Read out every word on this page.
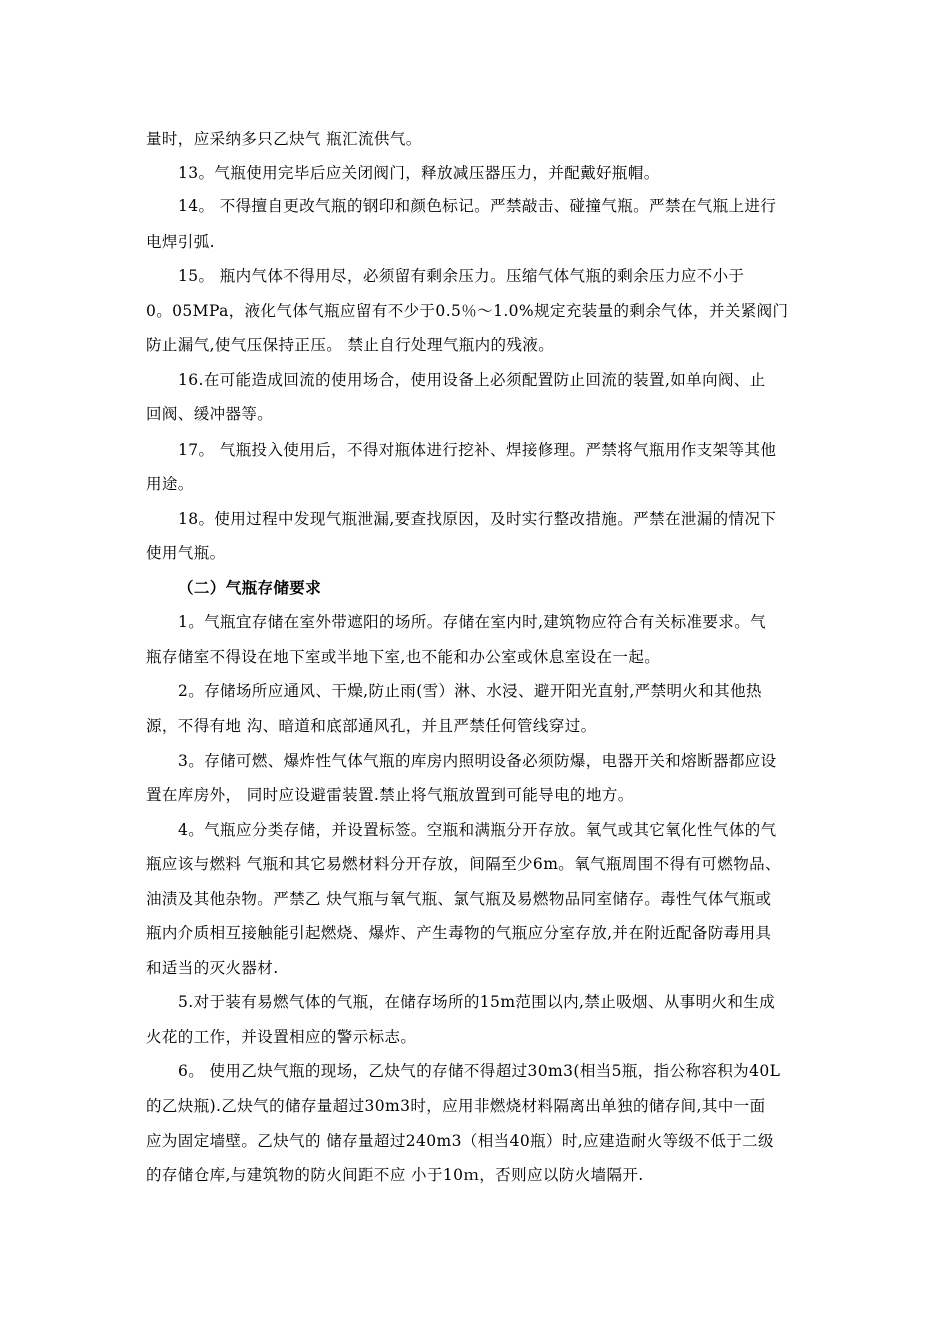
量时，应采纳多只乙炔气 瓶汇流供气。
13。气瓶使用完毕后应关闭阀门，释放减压器压力，并配戴好瓶帽。
14。 不得擅自更改气瓶的钢印和颜色标记。严禁敲击、碰撞气瓶。严禁在气瓶上进行
电焊引弧.
15。 瓶内气体不得用尽，必须留有剩余压力。压缩气体气瓶的剩余压力应不小于
0。05MPa，液化气体气瓶应留有不少于0.5％～1.0%规定充装量的剩余气体，并关紧阀门
防止漏气,使气压保持正压。 禁止自行处理气瓶内的残液。
16.在可能造成回流的使用场合，使用设备上必须配置防止回流的装置,如单向阀、止
回阀、缓冲器等。
17。 气瓶投入使用后，不得对瓶体进行挖补、焊接修理。严禁将气瓶用作支架等其他
用途。
18。使用过程中发现气瓶泄漏,要查找原因，及时实行整改措施。严禁在泄漏的情况下
使用气瓶。
（二）气瓶存储要求
1。气瓶宜存储在室外带遮阳的场所。存储在室内时,建筑物应符合有关标准要求。气
瓶存储室不得设在地下室或半地下室,也不能和办公室或休息室设在一起。
2。存储场所应通风、干燥,防止雨(雪）淋、水浸、避开阳光直射,严禁明火和其他热
源，不得有地 沟、暗道和底部通风孔，并且严禁任何管线穿过。
3。存储可燃、爆炸性气体气瓶的库房内照明设备必须防爆，电器开关和熔断器都应设
置在库房外， 同时应设避雷装置.禁止将气瓶放置到可能导电的地方。
4。气瓶应分类存储，并设置标签。空瓶和满瓶分开存放。氧气或其它氧化性气体的气
瓶应该与燃料 气瓶和其它易燃材料分开存放，间隔至少6m。氧气瓶周围不得有可燃物品、
油渍及其他杂物。严禁乙 炔气瓶与氧气瓶、氯气瓶及易燃物品同室储存。毒性气体气瓶或
瓶内介质相互接触能引起燃烧、爆炸、产生毒物的气瓶应分室存放,并在附近配备防毒用具
和适当的灭火器材.
5.对于装有易燃气体的气瓶，在储存场所的15m范围以内,禁止吸烟、从事明火和生成
火花的工作，并设置相应的警示标志。
6。 使用乙炔气瓶的现场，乙炔气的存储不得超过30m3(相当5瓶，指公称容积为40L
的乙炔瓶).乙炔气的储存量超过30m3时，应用非燃烧材料隔离出单独的储存间,其中一面
应为固定墙壁。乙炔气的 储存量超过240m3（相当40瓶）时,应建造耐火等级不低于二级
的存储仓库,与建筑物的防火间距不应 小于10ｍ，否则应以防火墙隔开.
